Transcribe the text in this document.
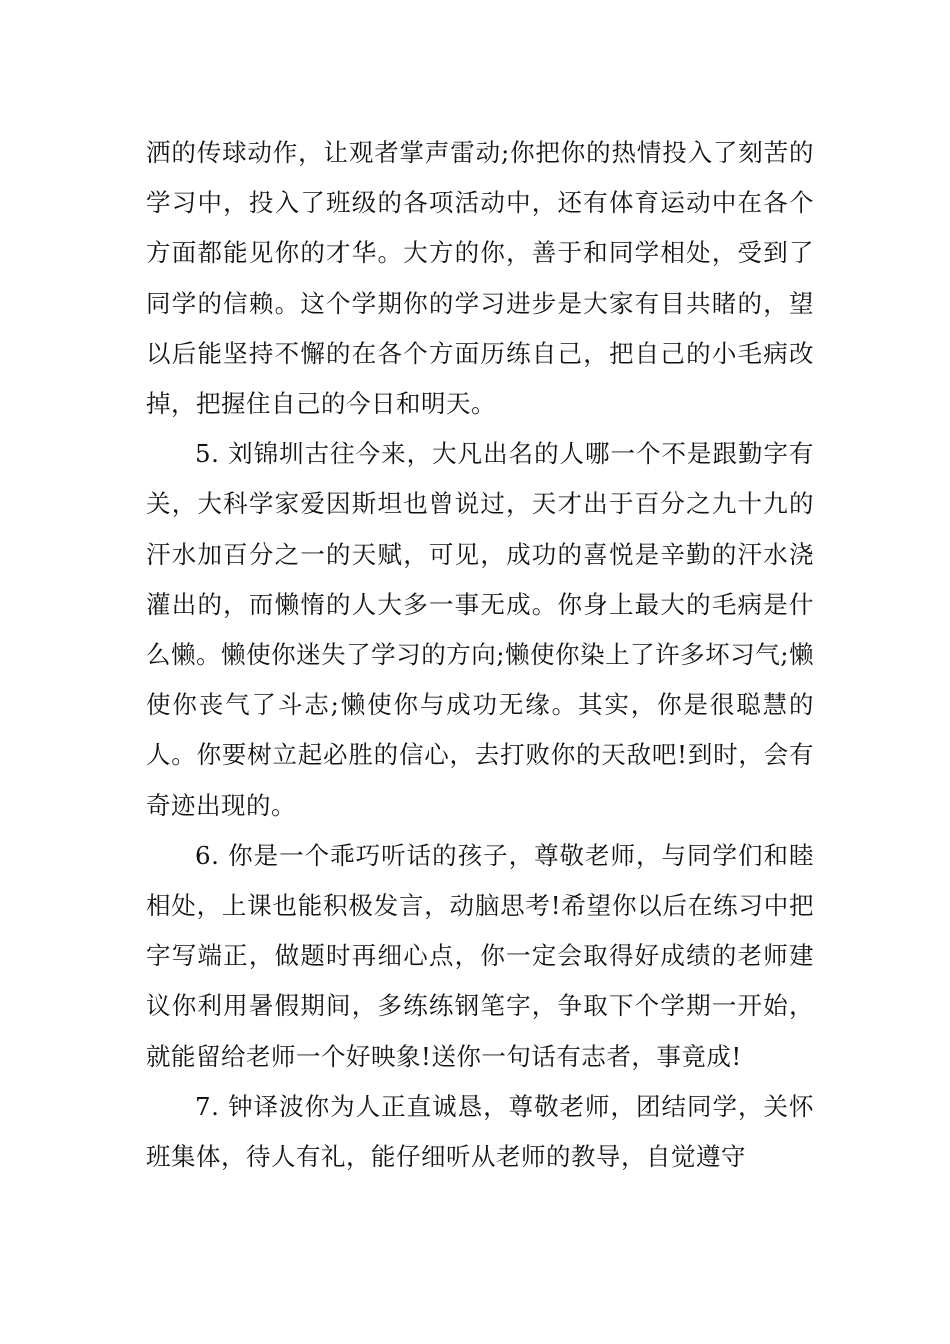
洒的传球动作，让观者掌声雷动;你把你的热情投入了刻苦的学习中，投入了班级的各项活动中，还有体育运动中在各个方面都能见你的才华。大方的你，善于和同学相处，受到了同学的信赖。这个学期你的学习进步是大家有目共睹的，望以后能坚持不懈的在各个方面历练自己，把自己的小毛病改掉，把握住自己的今日和明天。

5. 刘锦圳古往今来，大凡出名的人哪一个不是跟勤字有关，大科学家爱因斯坦也曾说过，天才出于百分之九十九的汗水加百分之一的天赋，可见，成功的喜悦是辛勤的汗水浇灌出的，而懒惰的人大多一事无成。你身上最大的毛病是什么懒。懒使你迷失了学习的方向;懒使你染上了许多坏习气;懒使你丧气了斗志;懒使你与成功无缘。其实，你是很聪慧的人。你要树立起必胜的信心，去打败你的天敌吧!到时，会有奇迹出现的。

6. 你是一个乖巧听话的孩子，尊敬老师，与同学们和睦相处，上课也能积极发言，动脑思考!希望你以后在练习中把字写端正，做题时再细心点，你一定会取得好成绩的老师建议你利用暑假期间，多练练钢笔字，争取下个学期一开始，就能留给老师一个好映象!送你一句话有志者，事竟成!

7. 钟译波你为人正直诚恳，尊敬老师，团结同学，关怀班集体，待人有礼，能仔细听从老师的教导，自觉遵守
